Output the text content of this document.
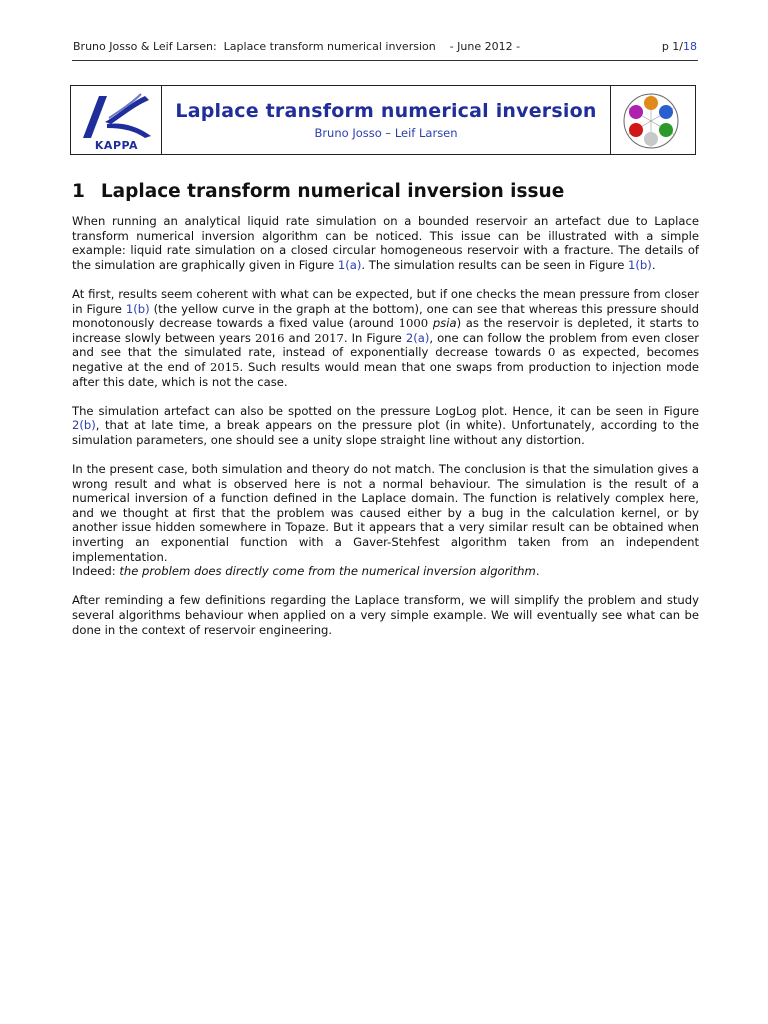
Bruno Josso & Leif Larsen:  Laplace transform numerical inversion    - June 2012 -	p 1/18
KAPPA
Laplace transform numerical inversion
Bruno Josso – Leif Larsen
1 Laplace transform numerical inversion issue

When running an analytical liquid rate simulation on a bounded reservoir an artefact due to Laplace transform numerical inversion algorithm can be noticed. This issue can be illustrated with a simple example: liquid rate simulation on a closed circular homogeneous reservoir with a fracture. The details of the simulation are graphically given in Figure 1(a). The simulation results can be seen in Figure 1(b).

At first, results seem coherent with what can be expected, but if one checks the mean pressure from closer in Figure 1(b) (the yellow curve in the graph at the bottom), one can see that whereas this pressure should monotonously decrease towards a fixed value (around 1000 psia) as the reservoir is depleted, it starts to increase slowly between years 2016 and 2017. In Figure 2(a), one can follow the problem from even closer and see that the simulated rate, instead of exponentially decrease towards 0 as expected, becomes negative at the end of 2015. Such results would mean that one swaps from production to injection mode after this date, which is not the case.

The simulation artefact can also be spotted on the pressure LogLog plot. Hence, it can be seen in Figure 2(b), that at late time, a break appears on the pressure plot (in white). Unfortunately, according to the simulation parameters, one should see a unity slope straight line without any distortion.

In the present case, both simulation and theory do not match. The conclusion is that the simulation gives a wrong result and what is observed here is not a normal behaviour. The simulation is the result of a numerical inversion of a function defined in the Laplace domain. The function is relatively complex here, and we thought at first that the problem was caused either by a bug in the calculation kernel, or by another issue hidden somewhere in Topaze. But it appears that a very similar result can be obtained when inverting an exponential function with a Gaver-Stehfest algorithm taken from an independent implementation.

Indeed: the problem does directly come from the numerical inversion algorithm.

After reminding a few definitions regarding the Laplace transform, we will simplify the problem and study several algorithms behaviour when applied on a very simple example. We will eventually see what can be done in the context of reservoir engineering.
